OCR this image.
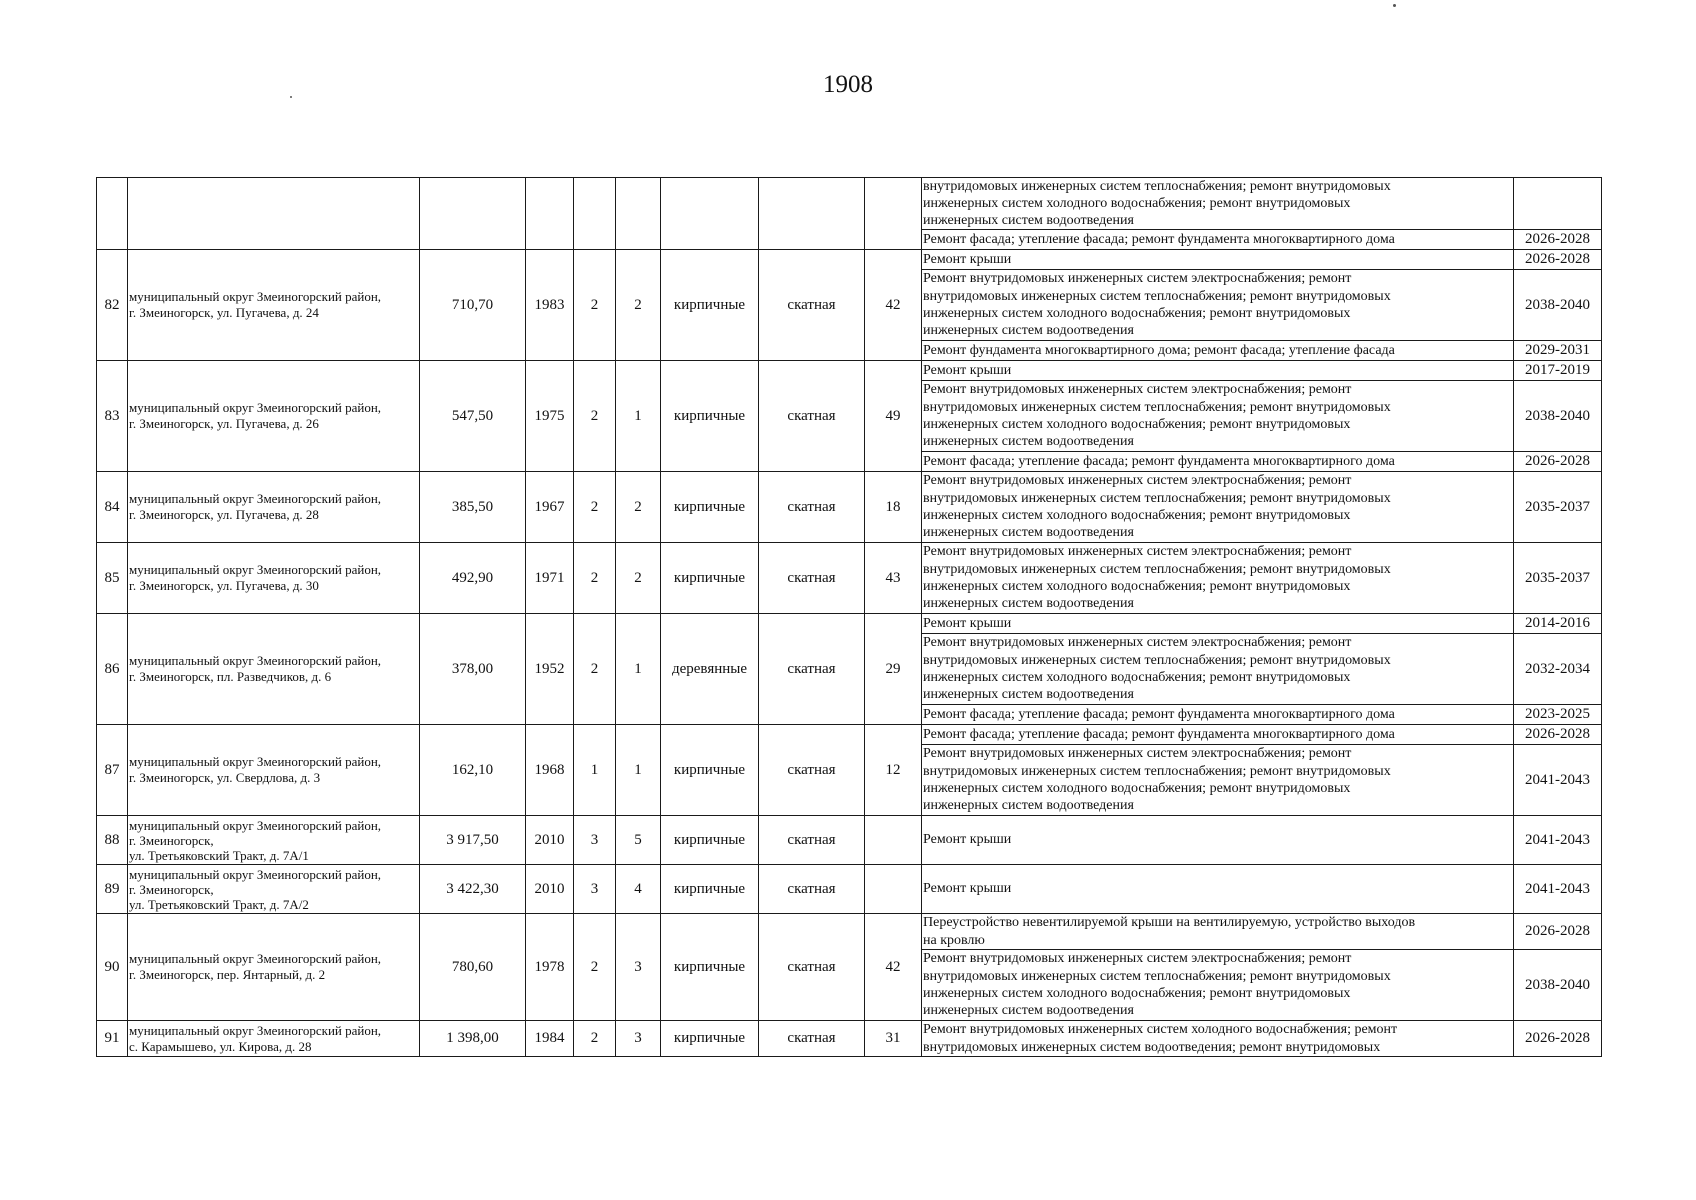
1908
									внутридомовых инженерных систем теплоснабжения; ремонт внутридомовых
инженерных систем холодного водоснабжения; ремонт внутридомовых
инженерных систем водоотведения	
									Ремонт фасада; утепление фасада; ремонт фундамента многоквартирного дома	2026-2028
82	муниципальный округ Змеиногорский район,
г. Змеиногорск, ул. Пугачева, д. 24	710,70	1983	2	2	кирпичные	скатная	42	Ремонт крыши	2026-2028
									Ремонт внутридомовых инженерных систем электроснабжения; ремонт
внутридомовых инженерных систем теплоснабжения; ремонт внутридомовых
инженерных систем холодного водоснабжения; ремонт внутридомовых
инженерных систем водоотведения	2038-2040
									Ремонт фундамента многоквартирного дома; ремонт фасада; утепление фасада	2029-2031
83	муниципальный округ Змеиногорский район,
г. Змеиногорск, ул. Пугачева, д. 26	547,50	1975	2	1	кирпичные	скатная	49	Ремонт крыши	2017-2019
									Ремонт внутридомовых инженерных систем электроснабжения; ремонт
внутридомовых инженерных систем теплоснабжения; ремонт внутридомовых
инженерных систем холодного водоснабжения; ремонт внутридомовых
инженерных систем водоотведения	2038-2040
									Ремонт фасада; утепление фасада; ремонт фундамента многоквартирного дома	2026-2028
84	муниципальный округ Змеиногорский район,
г. Змеиногорск, ул. Пугачева, д. 28	385,50	1967	2	2	кирпичные	скатная	18	Ремонт внутридомовых инженерных систем электроснабжения; ремонт
внутридомовых инженерных систем теплоснабжения; ремонт внутридомовых
инженерных систем холодного водоснабжения; ремонт внутридомовых
инженерных систем водоотведения	2035-2037
85	муниципальный округ Змеиногорский район,
г. Змеиногорск, ул. Пугачева, д. 30	492,90	1971	2	2	кирпичные	скатная	43	Ремонт внутридомовых инженерных систем электроснабжения; ремонт
внутридомовых инженерных систем теплоснабжения; ремонт внутридомовых
инженерных систем холодного водоснабжения; ремонт внутридомовых
инженерных систем водоотведения	2035-2037
86	муниципальный округ Змеиногорский район,
г. Змеиногорск, пл. Разведчиков, д. 6	378,00	1952	2	1	деревянные	скатная	29	Ремонт крыши	2014-2016
									Ремонт внутридомовых инженерных систем электроснабжения; ремонт
внутридомовых инженерных систем теплоснабжения; ремонт внутридомовых
инженерных систем холодного водоснабжения; ремонт внутридомовых
инженерных систем водоотведения	2032-2034
									Ремонт фасада; утепление фасада; ремонт фундамента многоквартирного дома	2023-2025
87	муниципальный округ Змеиногорский район,
г. Змеиногорск, ул. Свердлова, д. 3	162,10	1968	1	1	кирпичные	скатная	12	Ремонт фасада; утепление фасада; ремонт фундамента многоквартирного дома	2026-2028
									Ремонт внутридомовых инженерных систем электроснабжения; ремонт
внутридомовых инженерных систем теплоснабжения; ремонт внутридомовых
инженерных систем холодного водоснабжения; ремонт внутридомовых
инженерных систем водоотведения	2041-2043
88	муниципальный округ Змеиногорский район,
г. Змеиногорск,
ул. Третьяковский Тракт, д. 7А/1	3 917,50	2010	3	5	кирпичные	скатная		Ремонт крыши	2041-2043
89	муниципальный округ Змеиногорский район,
г. Змеиногорск,
ул. Третьяковский Тракт, д. 7А/2	3 422,30	2010	3	4	кирпичные	скатная		Ремонт крыши	2041-2043
90	муниципальный округ Змеиногорский район,
г. Змеиногорск, пер. Янтарный, д. 2	780,60	1978	2	3	кирпичные	скатная	42	Переустройство невентилируемой крыши на вентилируемую, устройство выходов
на кровлю	2026-2028
									Ремонт внутридомовых инженерных систем электроснабжения; ремонт
внутридомовых инженерных систем теплоснабжения; ремонт внутридомовых
инженерных систем холодного водоснабжения; ремонт внутридомовых
инженерных систем водоотведения	2038-2040
91	муниципальный округ Змеиногорский район,
с. Карамышево, ул. Кирова, д. 28	1 398,00	1984	2	3	кирпичные	скатная	31	Ремонт внутридомовых инженерных систем холодного водоснабжения; ремонт
внутридомовых инженерных систем водоотведения; ремонт внутридомовых	2026-2028
